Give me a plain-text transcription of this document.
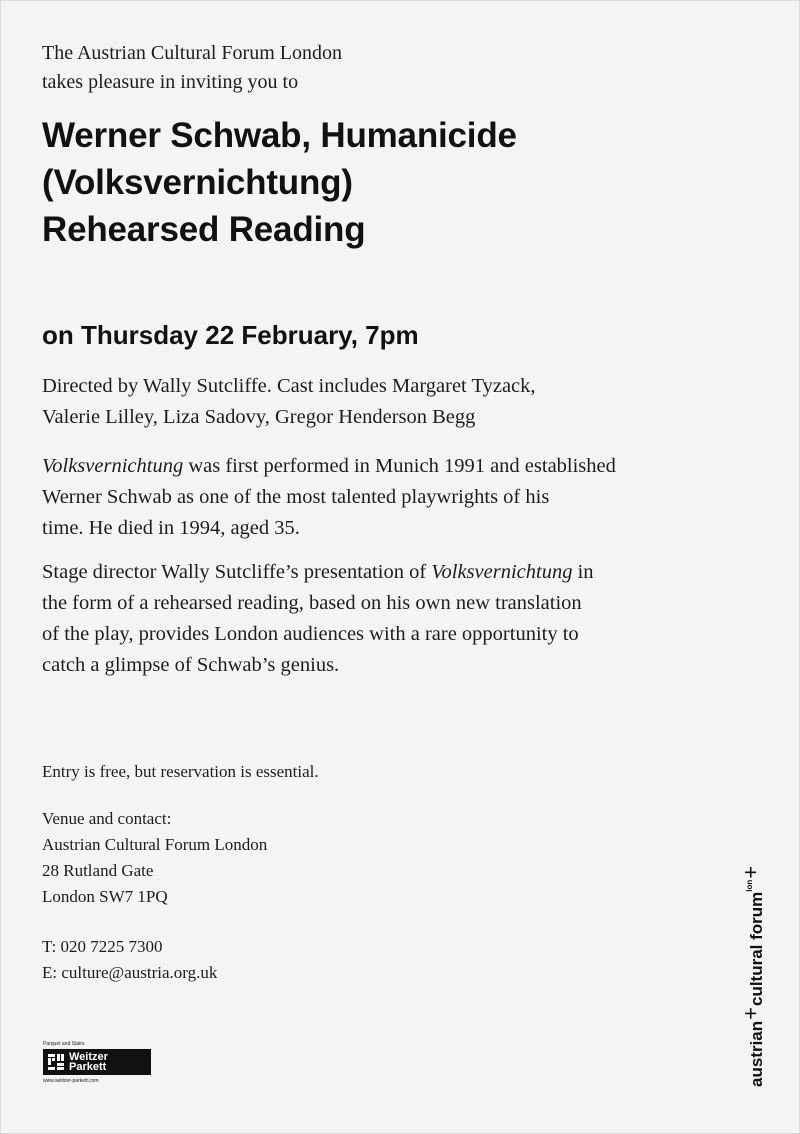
The Austrian Cultural Forum London
takes pleasure in inviting you to
Werner Schwab, Humanicide
(Volksvernichtung)
Rehearsed Reading
on Thursday 22 February, 7pm

Directed by Wally Sutcliffe. Cast includes Margaret Tyzack,

Valerie Lilley, Liza Sadovy, Gregor Henderson Begg

Volksvernichtung was first performed in Munich 1991 and established

Werner Schwab as one of the most talented playwrights of his

time. He died in 1994, aged 35.

Stage director Wally Sutcliffe’s presentation of Volksvernichtung in

the form of a rehearsed reading, based on his own new translation

of the play, provides London audiences with a rare opportunity to

catch a glimpse of Schwab’s genius.

Entry is free, but reservation is essential.
Venue and contact:
Austrian Cultural Forum London
28 Rutland Gate
London SW7 1PQ
T: 020 7225 7300
E: culture@austria.org.uk
Parquet and Stairs
Weitzer
Parkett
www.weitzer-parkett.com	austrian
+
cultural

forum
$^{lon}$
+
